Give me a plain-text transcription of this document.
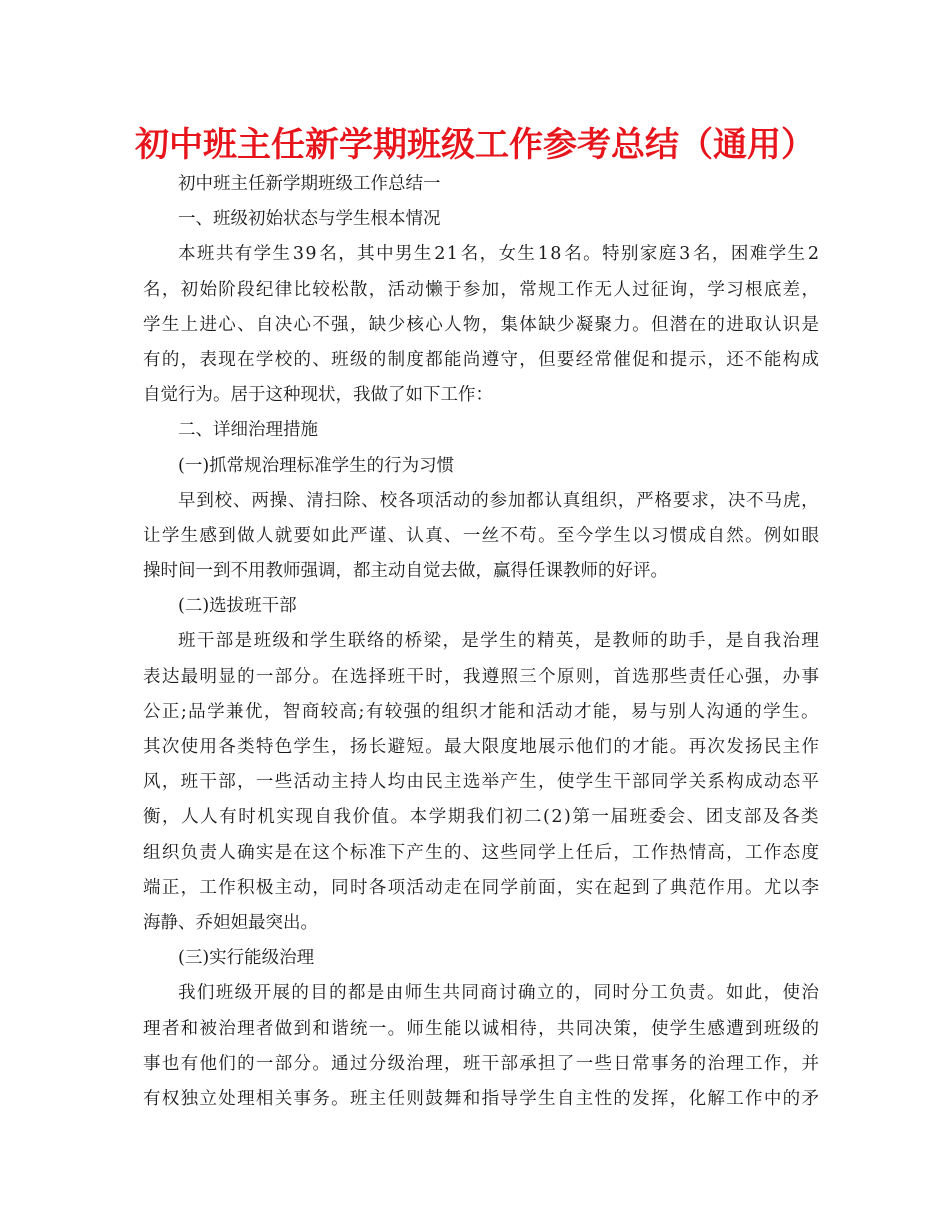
初中班主任新学期班级工作参考总结（通用）
初中班主任新学期班级工作总结一
一、班级初始状态与学生根本情况
本 班 共 有 学 生 3 9 名 ， 其 中 男 生 2 1 名 ， 女 生 1 8 名 。 特 别 家 庭 3 名 ， 困 难 学 生 2
名 ， 初 始 阶 段 纪 律 比 较 松 散 ， 活 动 懒 于 参 加 ， 常 规 工 作 无 人 过 征 询 ， 学 习 根 底 差 ，
学 生 上 进 心 、 自 决 心 不 强 ， 缺 少 核 心 人 物 ， 集 体 缺 少 凝 聚 力 。 但 潜 在 的 进 取 认 识 是
有 的 ， 表 现 在 学 校 的 、 班 级 的 制 度 都 能 尚 遵 守 ， 但 要 经 常 催 促 和 提 示 ， 还 不 能 构 成
自觉行为。居于这种现状，我做了如下工作：
二、详细治理措施
(一)抓常规治理标准学生的行为习惯
早 到 校 、 两 操 、 清 扫 除 、 校 各 项 活 动 的 参 加 都 认 真 组 织 ， 严 格 要 求 ， 决 不 马 虎 ，
让 学 生 感 到 做 人 就 要 如 此 严 谨 、 认 真 、 一 丝 不 苟 。 至 今 学 生 以 习 惯 成 自 然 。 例 如 眼
操时间一到不用教师强调，都主动自觉去做，赢得任课教师的好评。
(二)选拔班干部
班 干 部 是 班 级 和 学 生 联 络 的 桥 梁 ， 是 学 生 的 精 英 ， 是 教 师 的 助 手 ， 是 自 我 治 理
表 达 最 明 显 的 一 部 分 。 在 选 择 班 干 时 ， 我 遵 照 三 个 原 则 ， 首 选 那 些 责 任 心 强 ， 办 事
公 正 ; 品 学 兼 优 ， 智 商 较 高 ; 有 较 强 的 组 织 才 能 和 活 动 才 能 ， 易 与 别 人 沟 通 的 学 生 。
其 次 使 用 各 类 特 色 学 生 ， 扬 长 避 短 。 最 大 限 度 地 展 示 他 们 的 才 能 。 再 次 发 扬 民 主 作
风 ， 班 干 部 ， 一 些 活 动 主 持 人 均 由 民 主 选 举 产 生 ， 使 学 生 干 部 同 学 关 系 构 成 动 态 平
衡 ， 人 人 有 时 机 实 现 自 我 价 值 。 本 学 期 我 们 初 二 ( 2 ) 第 一 届 班 委 会 、 团 支 部 及 各 类
组 织 负 责 人 确 实 是 在 这 个 标 准 下 产 生 的 、 这 些 同 学 上 任 后 ， 工 作 热 情 高 ， 工 作 态 度
端 正 ， 工 作 积 极 主 动 ， 同 时 各 项 活 动 走 在 同 学 前 面 ， 实 在 起 到 了 典 范 作 用 。 尤 以 李
海静、乔妲妲最突出。
(三)实行能级治理
我 们 班 级 开 展 的 目 的 都 是 由 师 生 共 同 商 讨 确 立 的 ， 同 时 分 工 负 责 。 如 此 ， 使 治
理 者 和 被 治 理 者 做 到 和 谐 统 一 。 师 生 能 以 诚 相 待 ， 共 同 决 策 ， 使 学 生 感 遭 到 班 级 的
事 也 有 他 们 的 一 部 分 。 通 过 分 级 治 理 ， 班 干 部 承 担 了 一 些 日 常 事 务 的 治 理 工 作 ， 并
有 权 独 立 处 理 相 关 事 务 。 班 主 任 则 鼓 舞 和 指 导 学 生 自 主 性 的 发 挥 ， 化 解 工 作 中 的 矛
